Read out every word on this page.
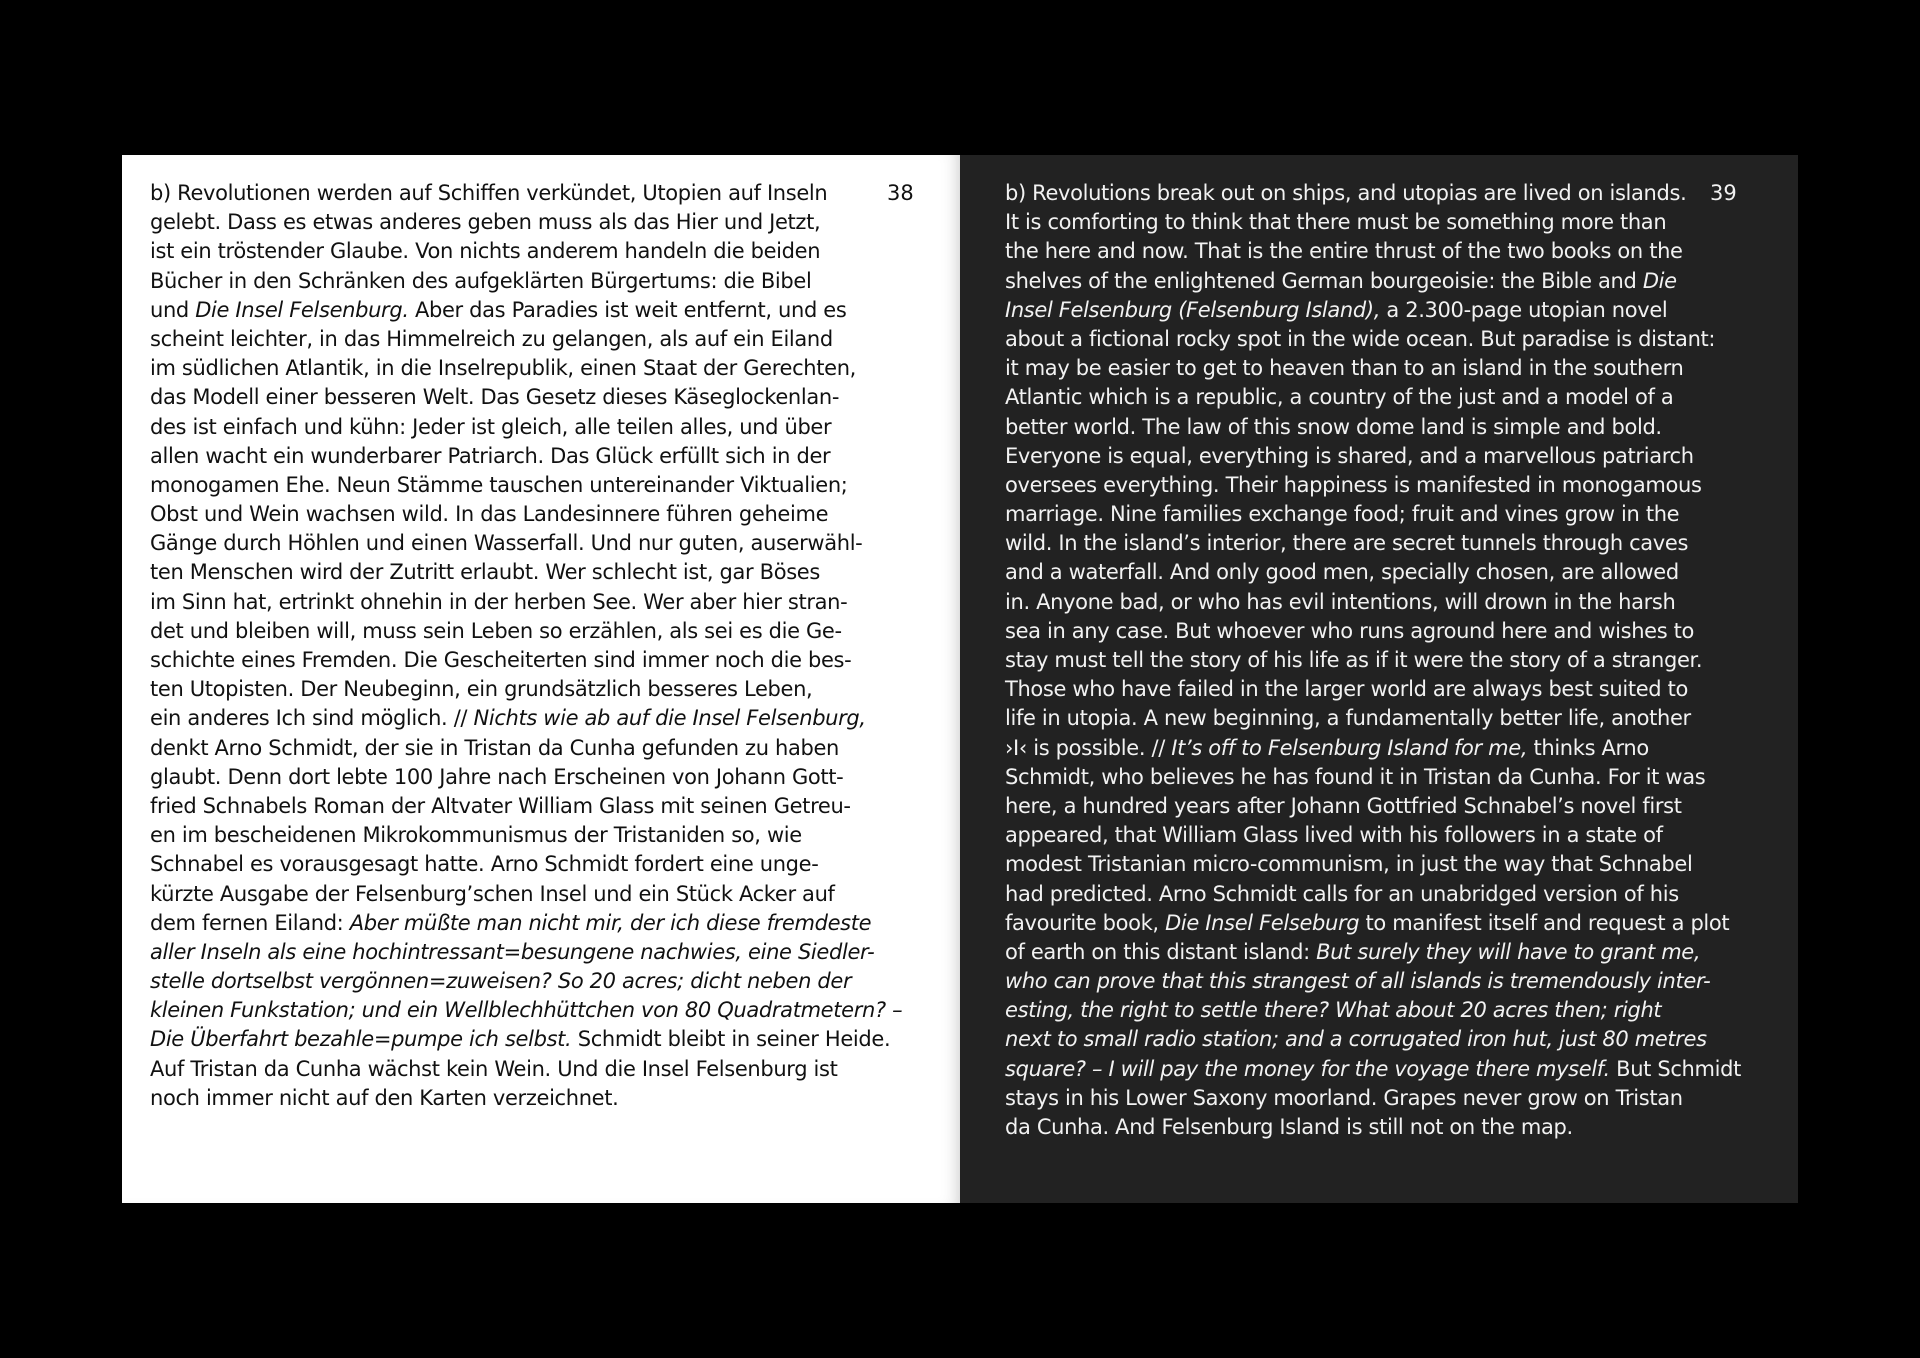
38
b) Revolutionen werden auf Schiffen verkündet, Utopien auf Inseln
gelebt. Dass es etwas anderes geben muss als das Hier und Jetzt,
ist ein tröstender Glaube. Von nichts anderem handeln die beiden
Bücher in den Schränken des aufgeklärten Bürgertums: die Bibel
und Die Insel Felsenburg. Aber das Paradies ist weit entfernt, und es
scheint leichter, in das Himmelreich zu gelangen, als auf ein Eiland
im südlichen Atlantik, in die Inselrepublik, einen Staat der Gerechten,
das Modell einer besseren Welt. Das Gesetz dieses Käseglockenlan-
des ist einfach und kühn: Jeder ist gleich, alle teilen alles, und über
allen wacht ein wunderbarer Patriarch. Das Glück erfüllt sich in der
monogamen Ehe. Neun Stämme tauschen untereinander Viktualien;
Obst und Wein wachsen wild. In das Landesinnere führen geheime
Gänge durch Höhlen und einen Wasserfall. Und nur guten, auserwähl-
ten Menschen wird der Zutritt erlaubt. Wer schlecht ist, gar Böses
im Sinn hat, ertrinkt ohnehin in der herben See. Wer aber hier stran-
det und bleiben will, muss sein Leben so erzählen, als sei es die Ge-
schichte eines Fremden. Die Gescheiterten sind immer noch die bes-
ten Utopisten. Der Neubeginn, ein grundsätzlich besseres Leben,
ein anderes Ich sind möglich. // Nichts wie ab auf die Insel Felsenburg,
denkt Arno Schmidt, der sie in Tristan da Cunha gefunden zu haben
glaubt. Denn dort lebte 100 Jahre nach Erscheinen von Johann Gott-
fried Schnabels Roman der Altvater William Glass mit seinen Getreu-
en im bescheidenen Mikrokommunismus der Tristaniden so, wie
Schnabel es vorausgesagt hatte. Arno Schmidt fordert eine unge-
kürzte Ausgabe der Felsenburg’schen Insel und ein Stück Acker auf
dem fernen Eiland: Aber müßte man nicht mir, der ich diese fremdeste
aller Inseln als eine hochintressant=besungene nachwies, eine Siedler-
stelle dortselbst vergönnen=zuweisen? So 20 acres; dicht neben der
kleinen Funkstation; und ein Wellblechhüttchen von 80 Quadratmetern? –
Die Überfahrt bezahle=pumpe ich selbst. Schmidt bleibt in seiner Heide.
Auf Tristan da Cunha wächst kein Wein. Und die Insel Felsenburg ist
noch immer nicht auf den Karten verzeichnet.
39
b) Revolutions break out on ships, and utopias are lived on islands.
It is comforting to think that there must be something more than
the here and now. That is the entire thrust of the two books on the
shelves of the enlightened German bourgeoisie: the Bible and Die
Insel Felsenburg (Felsenburg Island), a 2.300-page utopian novel
about a fictional rocky spot in the wide ocean. But paradise is distant:
it may be easier to get to heaven than to an island in the southern
Atlantic which is a republic, a country of the just and a model of a
better world. The law of this snow dome land is simple and bold.
Everyone is equal, everything is shared, and a marvellous patriarch
oversees everything. Their happiness is manifested in monogamous
marriage. Nine families exchange food; fruit and vines grow in the
wild. In the island’s interior, there are secret tunnels through caves
and a waterfall. And only good men, specially chosen, are allowed
in. Anyone bad, or who has evil intentions, will drown in the harsh
sea in any case. But whoever who runs aground here and wishes to
stay must tell the story of his life as if it were the story of a stranger.
Those who have failed in the larger world are always best suited to
life in utopia. A new beginning, a fundamentally better life, another
›I‹ is possible. // It’s off to Felsenburg Island for me, thinks Arno
Schmidt, who believes he has found it in Tristan da Cunha. For it was
here, a hundred years after Johann Gottfried Schnabel’s novel first
appeared, that William Glass lived with his followers in a state of
modest Tristanian micro-communism, in just the way that Schnabel
had predicted. Arno Schmidt calls for an unabridged version of his
favourite book, Die Insel Felseburg to manifest itself and request a plot
of earth on this distant island: But surely they will have to grant me,
who can prove that this strangest of all islands is tremendously inter-
esting, the right to settle there? What about 20 acres then; right
next to small radio station; and a corrugated iron hut, just 80 metres
square? – I will pay the money for the voyage there myself. But Schmidt
stays in his Lower Saxony moorland. Grapes never grow on Tristan
da Cunha. And Felsenburg Island is still not on the map.
